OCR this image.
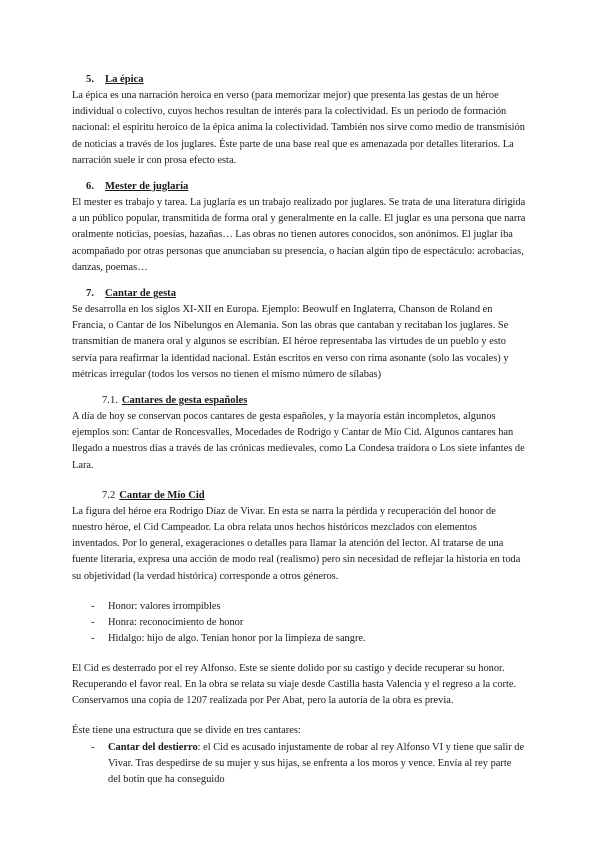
5. La épica

La épica es una narración heroica en verso (para memorizar mejor) que presenta las gestas de un héroe individual o colectivo, cuyos hechos resultan de interés para la colectividad. Es un periodo de formación nacional: el espíritu heroico de la épica anima la colectividad. También nos sirve como medio de transmisión de noticias a través de los juglares. Éste parte de una base real que es amenazada por detalles literarios. La narración suele ir con prosa efecto esta.

6. Mester de juglaría

El mester es trabajo y tarea. La juglaría es un trabajo realizado por juglares. Se trata de una literatura dirigida a un público popular, transmitida de forma oral y generalmente en la calle. El juglar es una persona que narra oralmente noticias, poesías, hazañas… Las obras no tienen autores conocidos, son anónimos. El juglar iba acompañado por otras personas que anunciaban su presencia, o hacían algún tipo de espectáculo: acrobacias, danzas, poemas…

7. Cantar de gesta

Se desarrolla en los siglos XI-XII en Europa. Ejemplo: Beowulf en Inglaterra, Chanson de Roland en Francia, o Cantar de los Nibelungos en Alemania. Son las obras que cantaban y recitaban los juglares. Se transmitían de manera oral y algunos se escribían. El héroe representaba las virtudes de un pueblo y esto servía para reafirmar la identidad nacional. Están escritos en verso con rima asonante (solo las vocales) y métricas irregular (todos los versos no tienen el mismo número de sílabas)

7.1. Cantares de gesta españoles

A día de hoy se conservan pocos cantares de gesta españoles, y la mayoría están incompletos, algunos ejemplos son: Cantar de Roncesvalles, Mocedades de Rodrigo y Cantar de Mío Cid. Algunos cantares han llegado a nuestros días a través de las crónicas medievales, como La Condesa traidora o Los siete infantes de Lara.

7.2 Cantar de Mío Cid

La figura del héroe era Rodrigo Díaz de Vivar. En esta se narra la pérdida y recuperación del honor de nuestro héroe, el Cid Campeador. La obra relata unos hechos históricos mezclados con elementos inventados. Por lo general, exageraciones o detalles para llamar la atención del lector. Al tratarse de una fuente literaria, expresa una acción de modo real (realismo) pero sin necesidad de reflejar la historia en toda su objetividad (la verdad histórica) corresponde a otros géneros.

- Honor: valores irrompibles
- Honra: reconocimiento de honor
- Hidalgo: hijo de algo. Tenían honor por la limpieza de sangre.

El Cid es desterrado por el rey Alfonso. Este se siente dolido por su castigo y decide recuperar su honor. Recuperando el favor real. En la obra se relata su viaje desde Castilla hasta Valencia y el regreso a la corte. Conservamos una copia de 1207 realizada por Per Abat, pero la autoría de la obra es previa.

Éste tiene una estructura que se divide en tres cantares:

- Cantar del destierro: el Cid es acusado injustamente de robar al rey Alfonso VI y tiene que salir de Vivar. Tras despedirse de su mujer y sus hijas, se enfrenta a los moros y vence. Envía al rey parte del botín que ha conseguido
